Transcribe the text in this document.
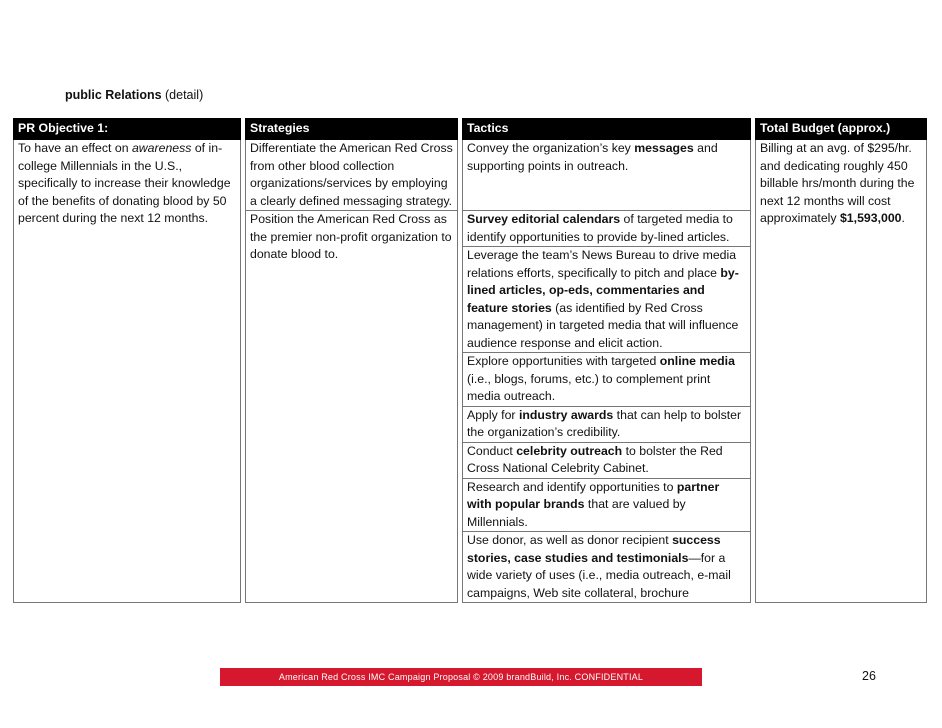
public Relations (detail)
PR Objective 1:		Strategies		Tactics		Total Budget (approx.)
To have an effect on awareness of in-college Millennials in the U.S., specifically to increase their knowledge of the benefits of donating blood by 50 percent during the next 12 months.		Differentiate the American Red Cross from other blood collection organizations/services by employing a clearly defined messaging strategy.		Convey the organization’s key messages and supporting points in outreach.		Billing at an avg. of $295/hr. and dedicating roughly 450 billable hrs/month during the next 12 months will cost approximately $1,593,000.
		Position the American Red Cross as the premier non-profit organization to donate blood to.		Survey editorial calendars of targeted media to identify opportunities to provide by-lined articles.		
				Leverage the team’s News Bureau to drive media relations efforts, specifically to pitch and place by-lined articles, op-eds, commentaries and feature stories (as identified by Red Cross management) in targeted media that will influence audience response and elicit action.		
				Explore opportunities with targeted online media (i.e., blogs, forums, etc.) to complement print media outreach.		
				Apply for industry awards that can help to bolster the organization’s credibility.		
				Conduct celebrity outreach to bolster the Red Cross National Celebrity Cabinet.		
				Research and identify opportunities to partner with popular brands that are valued by Millennials.		
				Use donor, as well as donor recipient success stories, case studies and testimonials—for a wide variety of uses (i.e., media outreach, e-mail campaigns, Web site collateral, brochure		
American Red Cross IMC Campaign Proposal © 2009 brandBuild, Inc. CONFIDENTIAL	26
